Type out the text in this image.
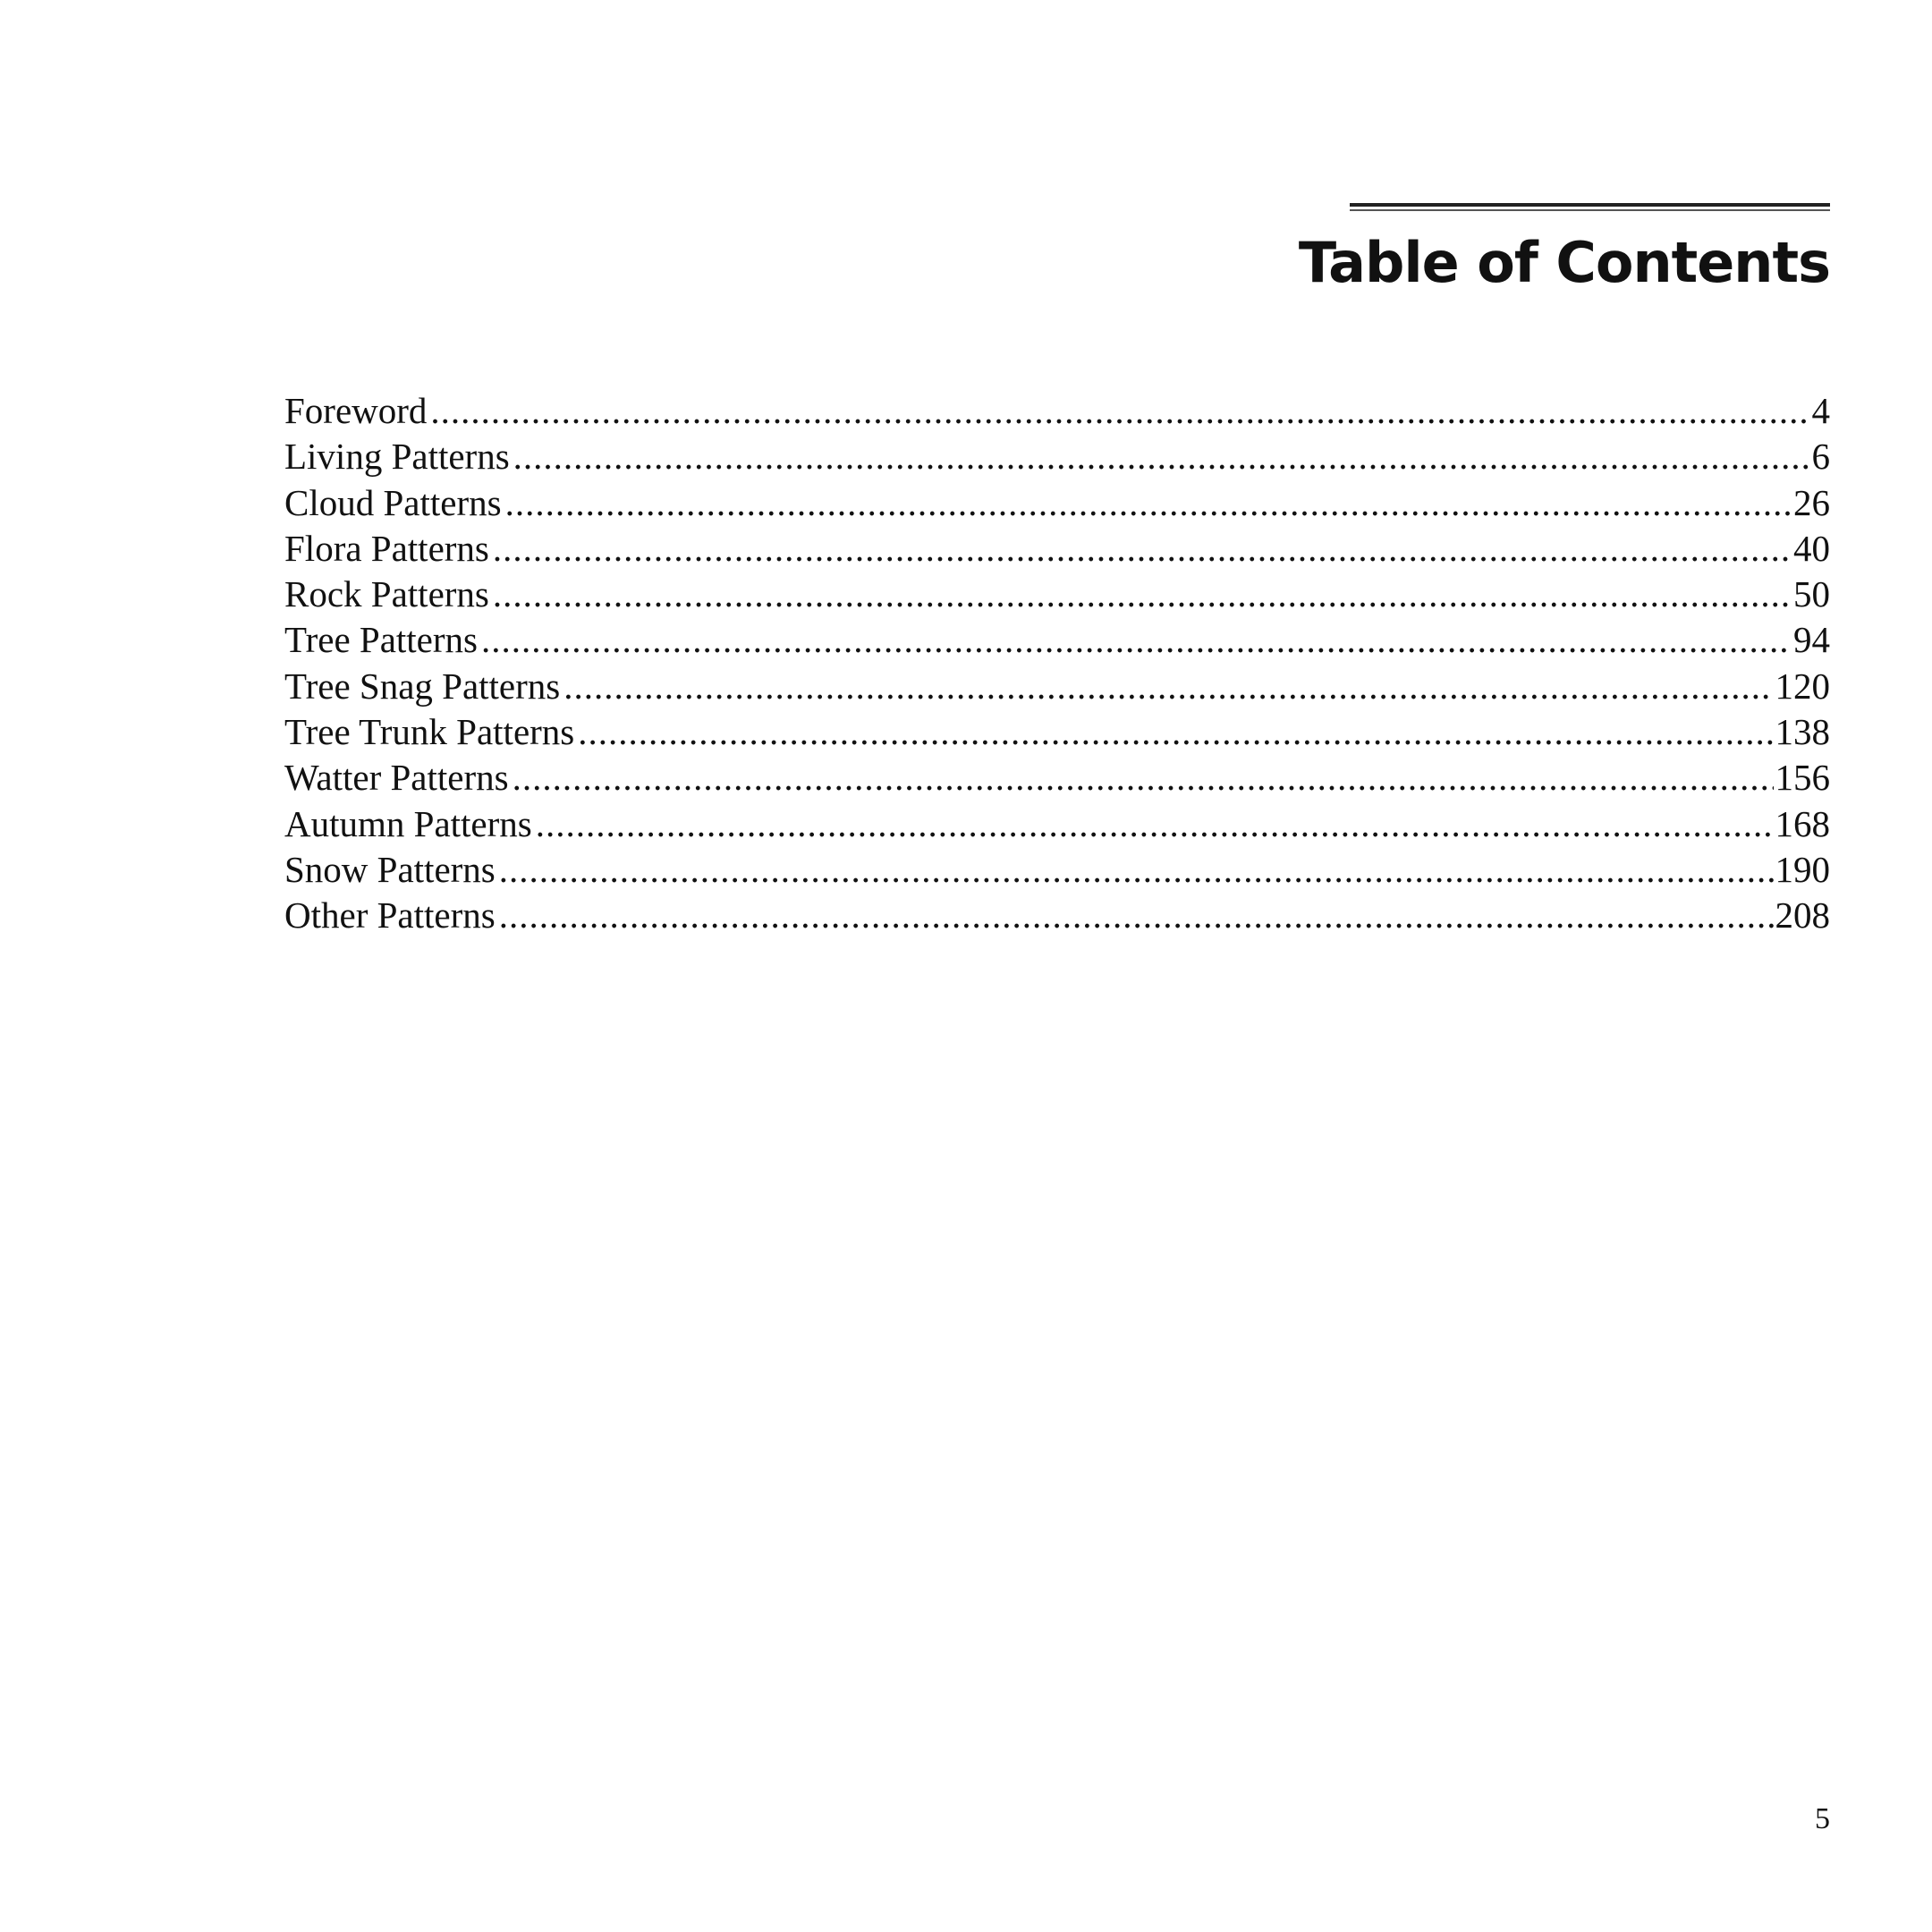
Table of Contents
Foreword .....	4
Living Patterns .....	6
Cloud Patterns .....	26
Flora Patterns .....	40
Rock Patterns .....	50
Tree Patterns .....	94
Tree Snag Patterns .....	120
Tree Trunk Patterns .....	138
Watter Patterns .....	156
Autumn Patterns .....	168
Snow Patterns .....	190
Other Patterns .....	208
5
